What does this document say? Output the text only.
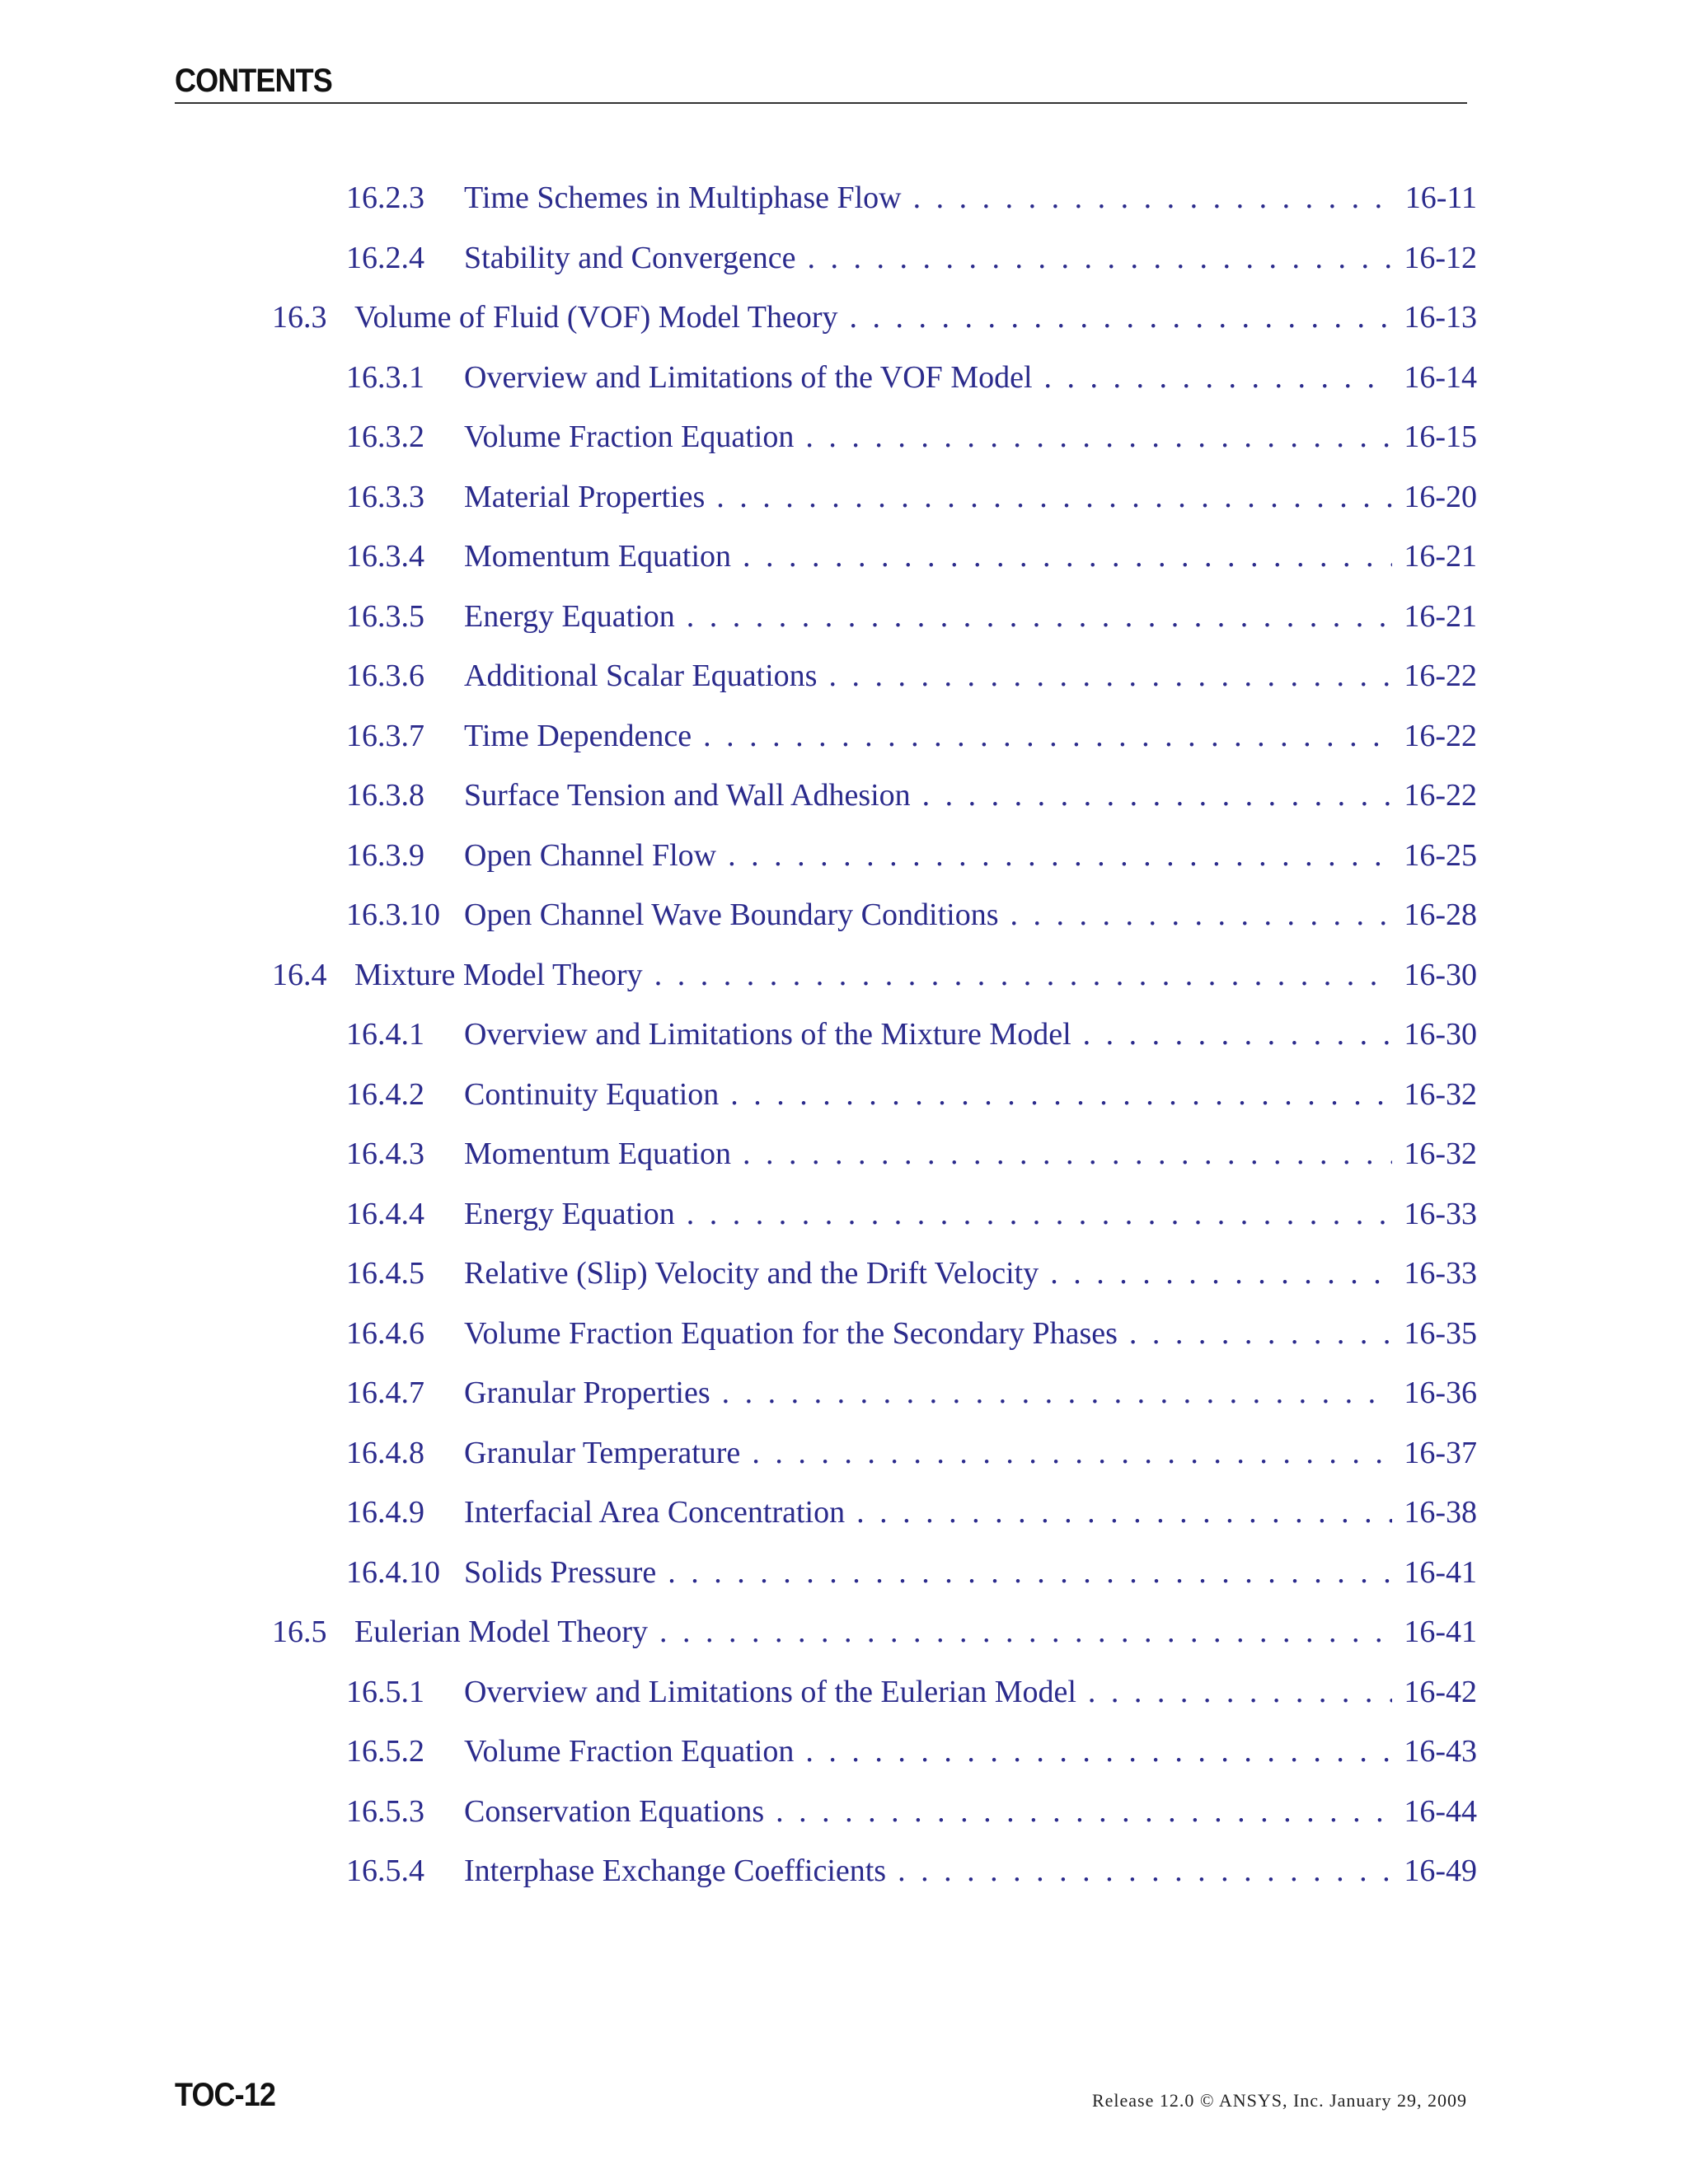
CONTENTS
16.2.3	Time Schemes in Multiphase Flow . . .	16-11
16.2.4	Stability and Convergence . . .	16-12
16.3 Volume of Fluid (VOF) Model Theory . . .	16-13
16.3.1	Overview and Limitations of the VOF Model . . .	16-14
16.3.2	Volume Fraction Equation . . .	16-15
16.3.3	Material Properties . . .	16-20
16.3.4	Momentum Equation . . .	16-21
16.3.5	Energy Equation . . .	16-21
16.3.6	Additional Scalar Equations . . .	16-22
16.3.7	Time Dependence . . .	16-22
16.3.8	Surface Tension and Wall Adhesion . . .	16-22
16.3.9	Open Channel Flow . . .	16-25
16.3.10 Open Channel Wave Boundary Conditions . . .	16-28
16.4 Mixture Model Theory . . .	16-30
16.4.1	Overview and Limitations of the Mixture Model . . .	16-30
16.4.2	Continuity Equation . . .	16-32
16.4.3	Momentum Equation . . .	16-32
16.4.4	Energy Equation . . .	16-33
16.4.5	Relative (Slip) Velocity and the Drift Velocity . . .	16-33
16.4.6	Volume Fraction Equation for the Secondary Phases . . .	16-35
16.4.7	Granular Properties . . .	16-36
16.4.8	Granular Temperature . . .	16-37
16.4.9	Interfacial Area Concentration . . .	16-38
16.4.10 Solids Pressure . . .	16-41
16.5 Eulerian Model Theory . . .	16-41
16.5.1	Overview and Limitations of the Eulerian Model . . .	16-42
16.5.2	Volume Fraction Equation . . .	16-43
16.5.3	Conservation Equations . . .	16-44
16.5.4	Interphase Exchange Coefficients . . .	16-49
TOC-12	Release 12.0 © ANSYS, Inc. January 29, 2009
